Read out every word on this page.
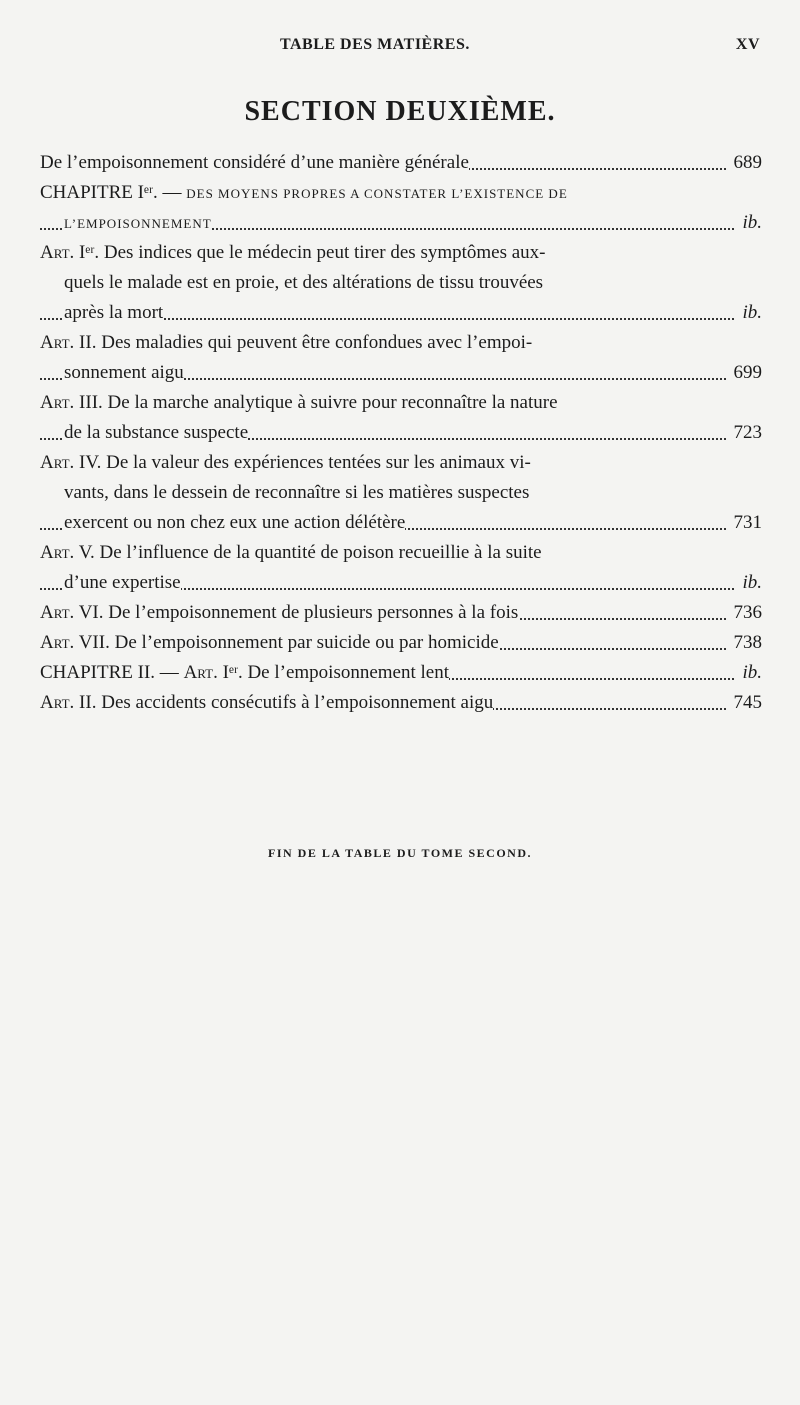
TABLE DES MATIÈRES.	XV
SECTION DEUXIÈME.
De l’empoisonnement considéré d’une manière générale	689
CHAPITRE Iᵉʳ. — DES MOYENS PROPRES A CONSTATER L’EXISTENCE DE
L’EMPOISONNEMENT	ib.
Art. Iᵉʳ. Des indices que le médecin peut tirer des symptômes aux-
quels le malade est en proie, et des altérations de tissu trouvées
après la mort	ib.
Art. II. Des maladies qui peuvent être confondues avec l’empoi-
sonnement aigu	699
Art. III. De la marche analytique à suivre pour reconnaître la nature
de la substance suspecte	723
Art. IV. De la valeur des expériences tentées sur les animaux vi-
vants, dans le dessein de reconnaître si les matières suspectes
exercent ou non chez eux une action délétère	731
Art. V. De l’influence de la quantité de poison recueillie à la suite
d’une expertise	ib.
Art. VI. De l’empoisonnement de plusieurs personnes à la fois	736
Art. VII. De l’empoisonnement par suicide ou par homicide	738
CHAPITRE II. — Art. Iᵉʳ. De l’empoisonnement lent	ib.
Art. II. Des accidents consécutifs à l’empoisonnement aigu	745
FIN DE LA TABLE DU TOME SECOND.
